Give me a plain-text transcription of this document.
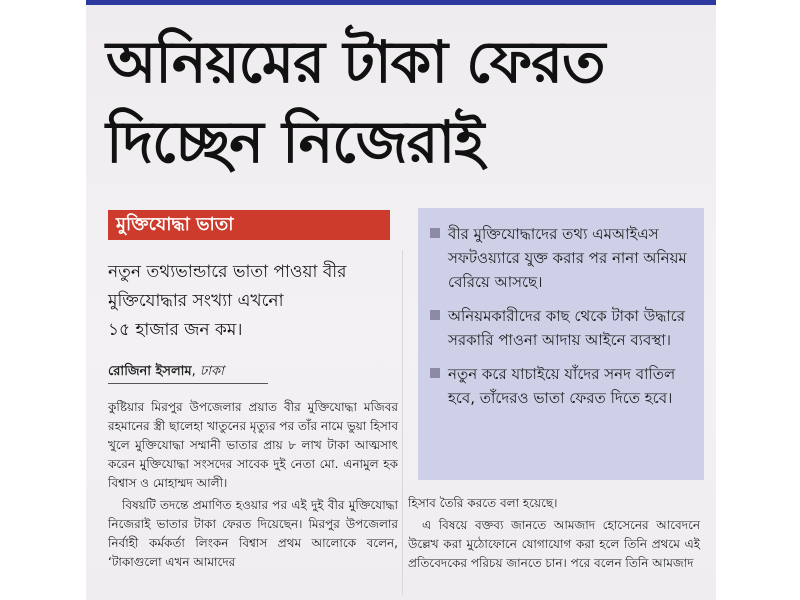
অনিয়মের টাকা ফেরত
দিচ্ছেন নিজেরাই
মুক্তিযোদ্ধা ভাতা
নতুন তথ্যভান্ডারে ভাতা পাওয়া বীর
মুক্তিযোদ্ধার সংখ্যা এখনো
১৫ হাজার জন কম।
রোজিনা ইসলাম, ঢাকা

কুষ্টিয়ার মিরপুর উপজেলার প্রয়াত বীর মুক্তিযোদ্ধা মজিবর রহমানের স্ত্রী ছালেহা খাতুনের মৃত্যুর পর তাঁর নামে ভুয়া হিসাব খুলে মুক্তিযোদ্ধা সম্মানী ভাতার প্রায় ৮ লাখ টাকা আত্মসাৎ করেন মুক্তিযোদ্ধা সংসদের সাবেক দুই নেতা মো. এনামুল হক বিশ্বাস ও মোহাম্মদ আলী।

বিষয়টি তদন্তে প্রমাণিত হওয়ার পর এই দুই বীর মুক্তিযোদ্ধা নিজেরাই ভাতার টাকা ফেরত দিয়েছেন। মিরপুর উপজেলার নির্বাহী কর্মকর্তা লিংকন বিশ্বাস প্রথম আলোকে বলেন, ‘টাকাগুলো এখন আমাদের

বীর মুক্তিযোদ্ধাদের তথ্য এমআইএস সফটওয়্যারে যুক্ত করার পর নানা অনিয়ম বেরিয়ে আসছে।
অনিয়মকারীদের কাছ থেকে টাকা উদ্ধারে সরকারি পাওনা আদায় আইনে ব্যবস্থা।
নতুন করে যাচাইয়ে যাঁদের সনদ বাতিল হবে, তাঁদেরও ভাতা ফেরত দিতে হবে।

হিসাব তৈরি করতে বলা হয়েছে।

এ বিষয়ে বক্তব্য জানতে আমজাদ হোসেনের আবেদনে উল্লেখ করা মুঠোফোনে যোগাযোগ করা হলে তিনি প্রথমে এই প্রতিবেদকের পরিচয় জানতে চান। পরে বলেন তিনি আমজাদ
